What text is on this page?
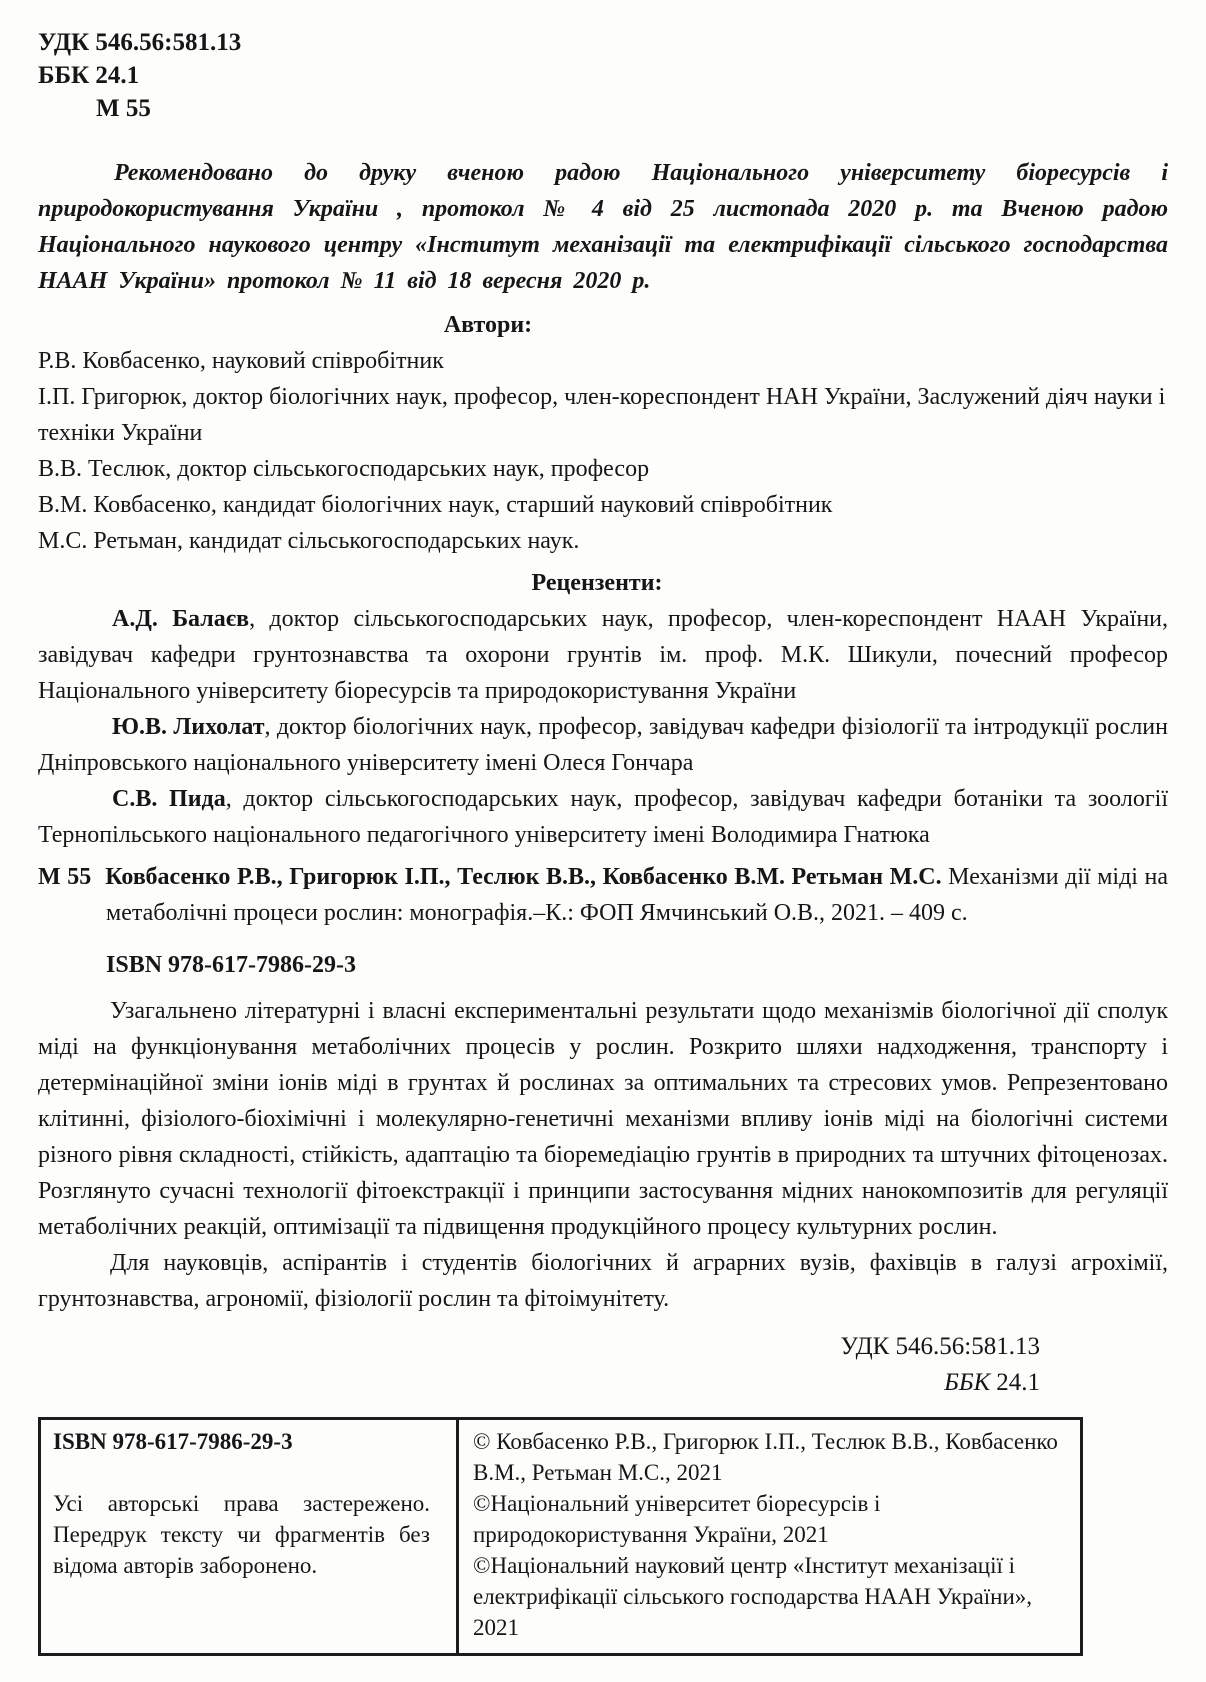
УДК 546.56:581.13

ББК 24.1

М 55

Рекомендовано до друку вченою радою Національного університету біоресурсів і природокористування України , протокол № 4 від 25 листопада 2020 р. та Вченою радою Національного наукового центру «Інститут механізації та електрифікації сільського господарства НААН України» протокол № 11 від 18 вересня 2020 р.

Автори:

Р.В. Ковбасенко, науковий співробітник

І.П. Григорюк, доктор біологічних наук, професор, член-кореспондент НАН України, Заслужений діяч науки і техніки України

В.В. Теслюк, доктор сільськогосподарських наук, професор

В.М. Ковбасенко, кандидат біологічних наук, старший науковий співробітник

М.С. Ретьман, кандидат сільськогосподарських наук.

Рецензенти:

А.Д. Балаєв, доктор сільськогосподарських наук, професор, член-кореспондент НААН України, завідувач кафедри грунтознавства та охорони грунтів ім. проф. М.К. Шикули, почесний професор Національного університету біоресурсів та природокористування України

Ю.В. Лихолат, доктор біологічних наук, професор, завідувач кафедри фізіології та інтродукції рослин Дніпровського національного університету імені Олеся Гончара

С.В. Пида, доктор сільськогосподарських наук, професор, завідувач кафедри ботаніки та зоології Тернопільського національного педагогічного університету імені Володимира Гнатюка

М 55 Ковбасенко Р.В., Григорюк І.П., Теслюк В.В., Ковбасенко В.М. Ретьман М.С. Механізми дії міді на метаболічні процеси рослин: монографія.–К.: ФОП Ямчинський О.В., 2021. – 409 с.

ISBN 978-617-7986-29-3

Узагальнено літературні і власні експериментальні результати щодо механізмів біологічної дії сполук міді на функціонування метаболічних процесів у рослин. Розкрито шляхи надходження, транспорту і детермінаційної зміни іонів міді в грунтах й рослинах за оптимальних та стресових умов. Репрезентовано клітинні, фізіолого-біохімічні і молекулярно-генетичні механізми впливу іонів міді на біологічні системи різного рівня складності, стійкість, адаптацію та біоремедіацію грунтів в природних та штучних фітоценозах. Розглянуто сучасні технології фітоекстракції і принципи застосування мідних нанокомпозитів для регуляції метаболічних реакцій, оптимізації та підвищення продукційного процесу культурних рослин.

Для науковців, аспірантів і студентів біологічних й аграрних вузів, фахівців в галузі агрохімії, грунтознавства, агрономії, фізіології рослин та фітоімунітету.

УДК 546.56:581.13

ББК 24.1

ISBN 978-617-7986-29-3
Усі авторські права застережено. Передрук тексту чи фрагментів без відома авторів заборонено.

© Ковбасенко Р.В., Григорюк І.П., Теслюк В.В., Ковбасенко В.М., Ретьман М.С., 2021
©Національний університет біоресурсів і природокористування України, 2021
©Національний науковий центр «Інститут механізації і електрифікації сільського господарства НААН України», 2021
